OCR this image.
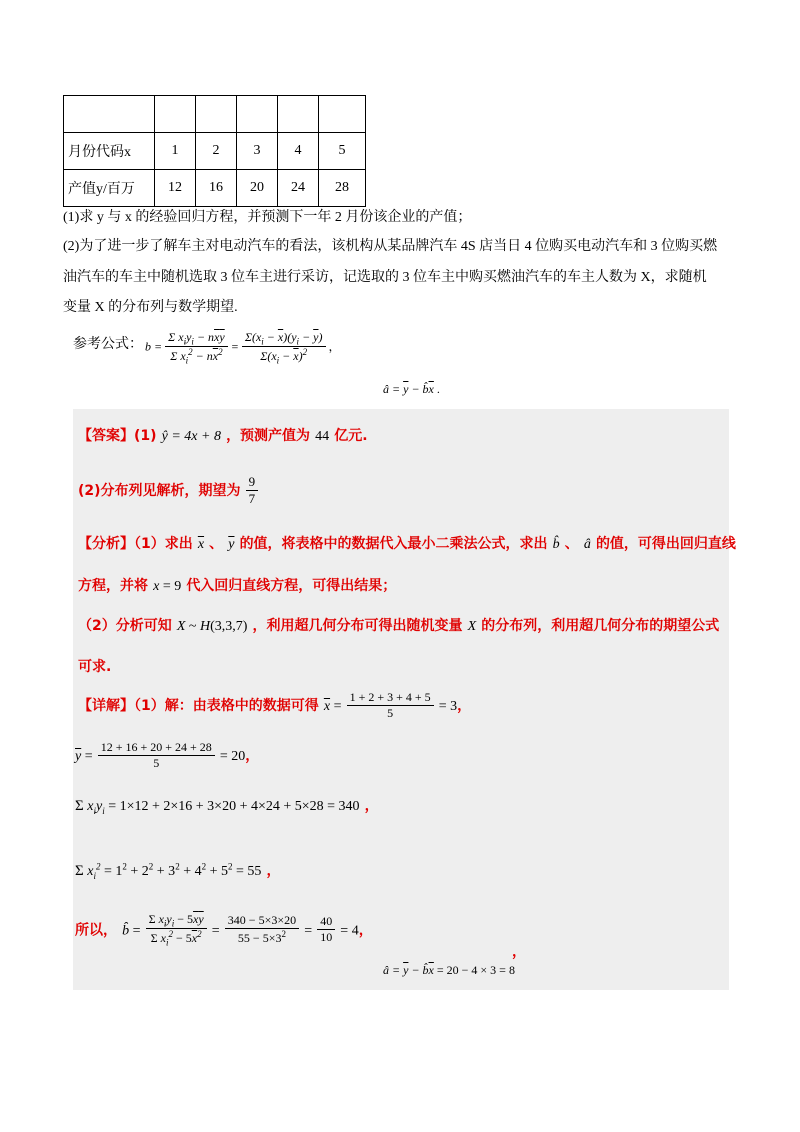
月份代码x	1	2	3	4	5
产值y/百万	12	16	20	24	28
(1)求 y 与 x 的经验回归方程，并预测下一年 2 月份该企业的产值；
(2)为了进一步了解车主对电动汽车的看法，该机构从某品牌汽车 4S 店当日 4 位购买电动汽车和 3 位购买燃
油汽车的车主中随机选取 3 位车主进行采访，记选取的 3 位车主中购买燃油汽车的车主人数为 X，求随机
变量 X 的分布列与数学期望.
参考公式： $b = \frac{\Sigma x_iy_i - n\overline{x}\overline{y}}{\Sigma x_i^2 - n\overline{x}^2} = \frac{\Sigma(x_i - \overline{x})(y_i - \overline{y})}{\Sigma(x_i - \overline{x})^2}$ ，
â = $\overline{y}$ − $b̂\overline{x}$ .
【答案】(1) ŷ = 4x + 8 ，预测产值为 44 亿元.
(2)分布列见解析，期望为 $\frac{9}{7}$
【分析】（1）求出 $\overline{x}$ 、 $\overline{y}$ 的值，将表格中的数据代入最小二乘法公式，求出 b̂ 、 â 的值，可得出回归直线
方程，并将 x = 9 代入回归直线方程，可得出结果；
（2）分析可知 X ~ H(3,3,7) ，利用超几何分布可得出随机变量 X 的分布列，利用超几何分布的期望公式
可求.
【详解】（1）解：由表格中的数据可得 $\overline{x} = \frac{1 + 2 + 3 + 4 + 5}{5} = 3$，
$\overline{y} = \frac{12 + 16 + 20 + 24 + 28}{5} = 20$，
Σ $x_iy_i = 1\times 12 + 2\times 16 + 3\times 20 + 4\times 24 + 5\times 28 = 340$ ，
Σ $x_i^2 = 1^2 + 2^2 + 3^2 + 4^2 + 5^2 = 55$ ，
所以， b̂ = $\frac{\Sigma x_iy_i - 5\overline{x}\overline{y}}{\Sigma x_i^2 - 5\overline{x}^2} = \frac{340 - 5\times 3\times 20}{55 - 5\times 3^2} = \frac{40}{10} = 4$，
，
â = $\overline{y}$ − $b̂\overline{x} = 20 - 4 \times 3 = 8$
